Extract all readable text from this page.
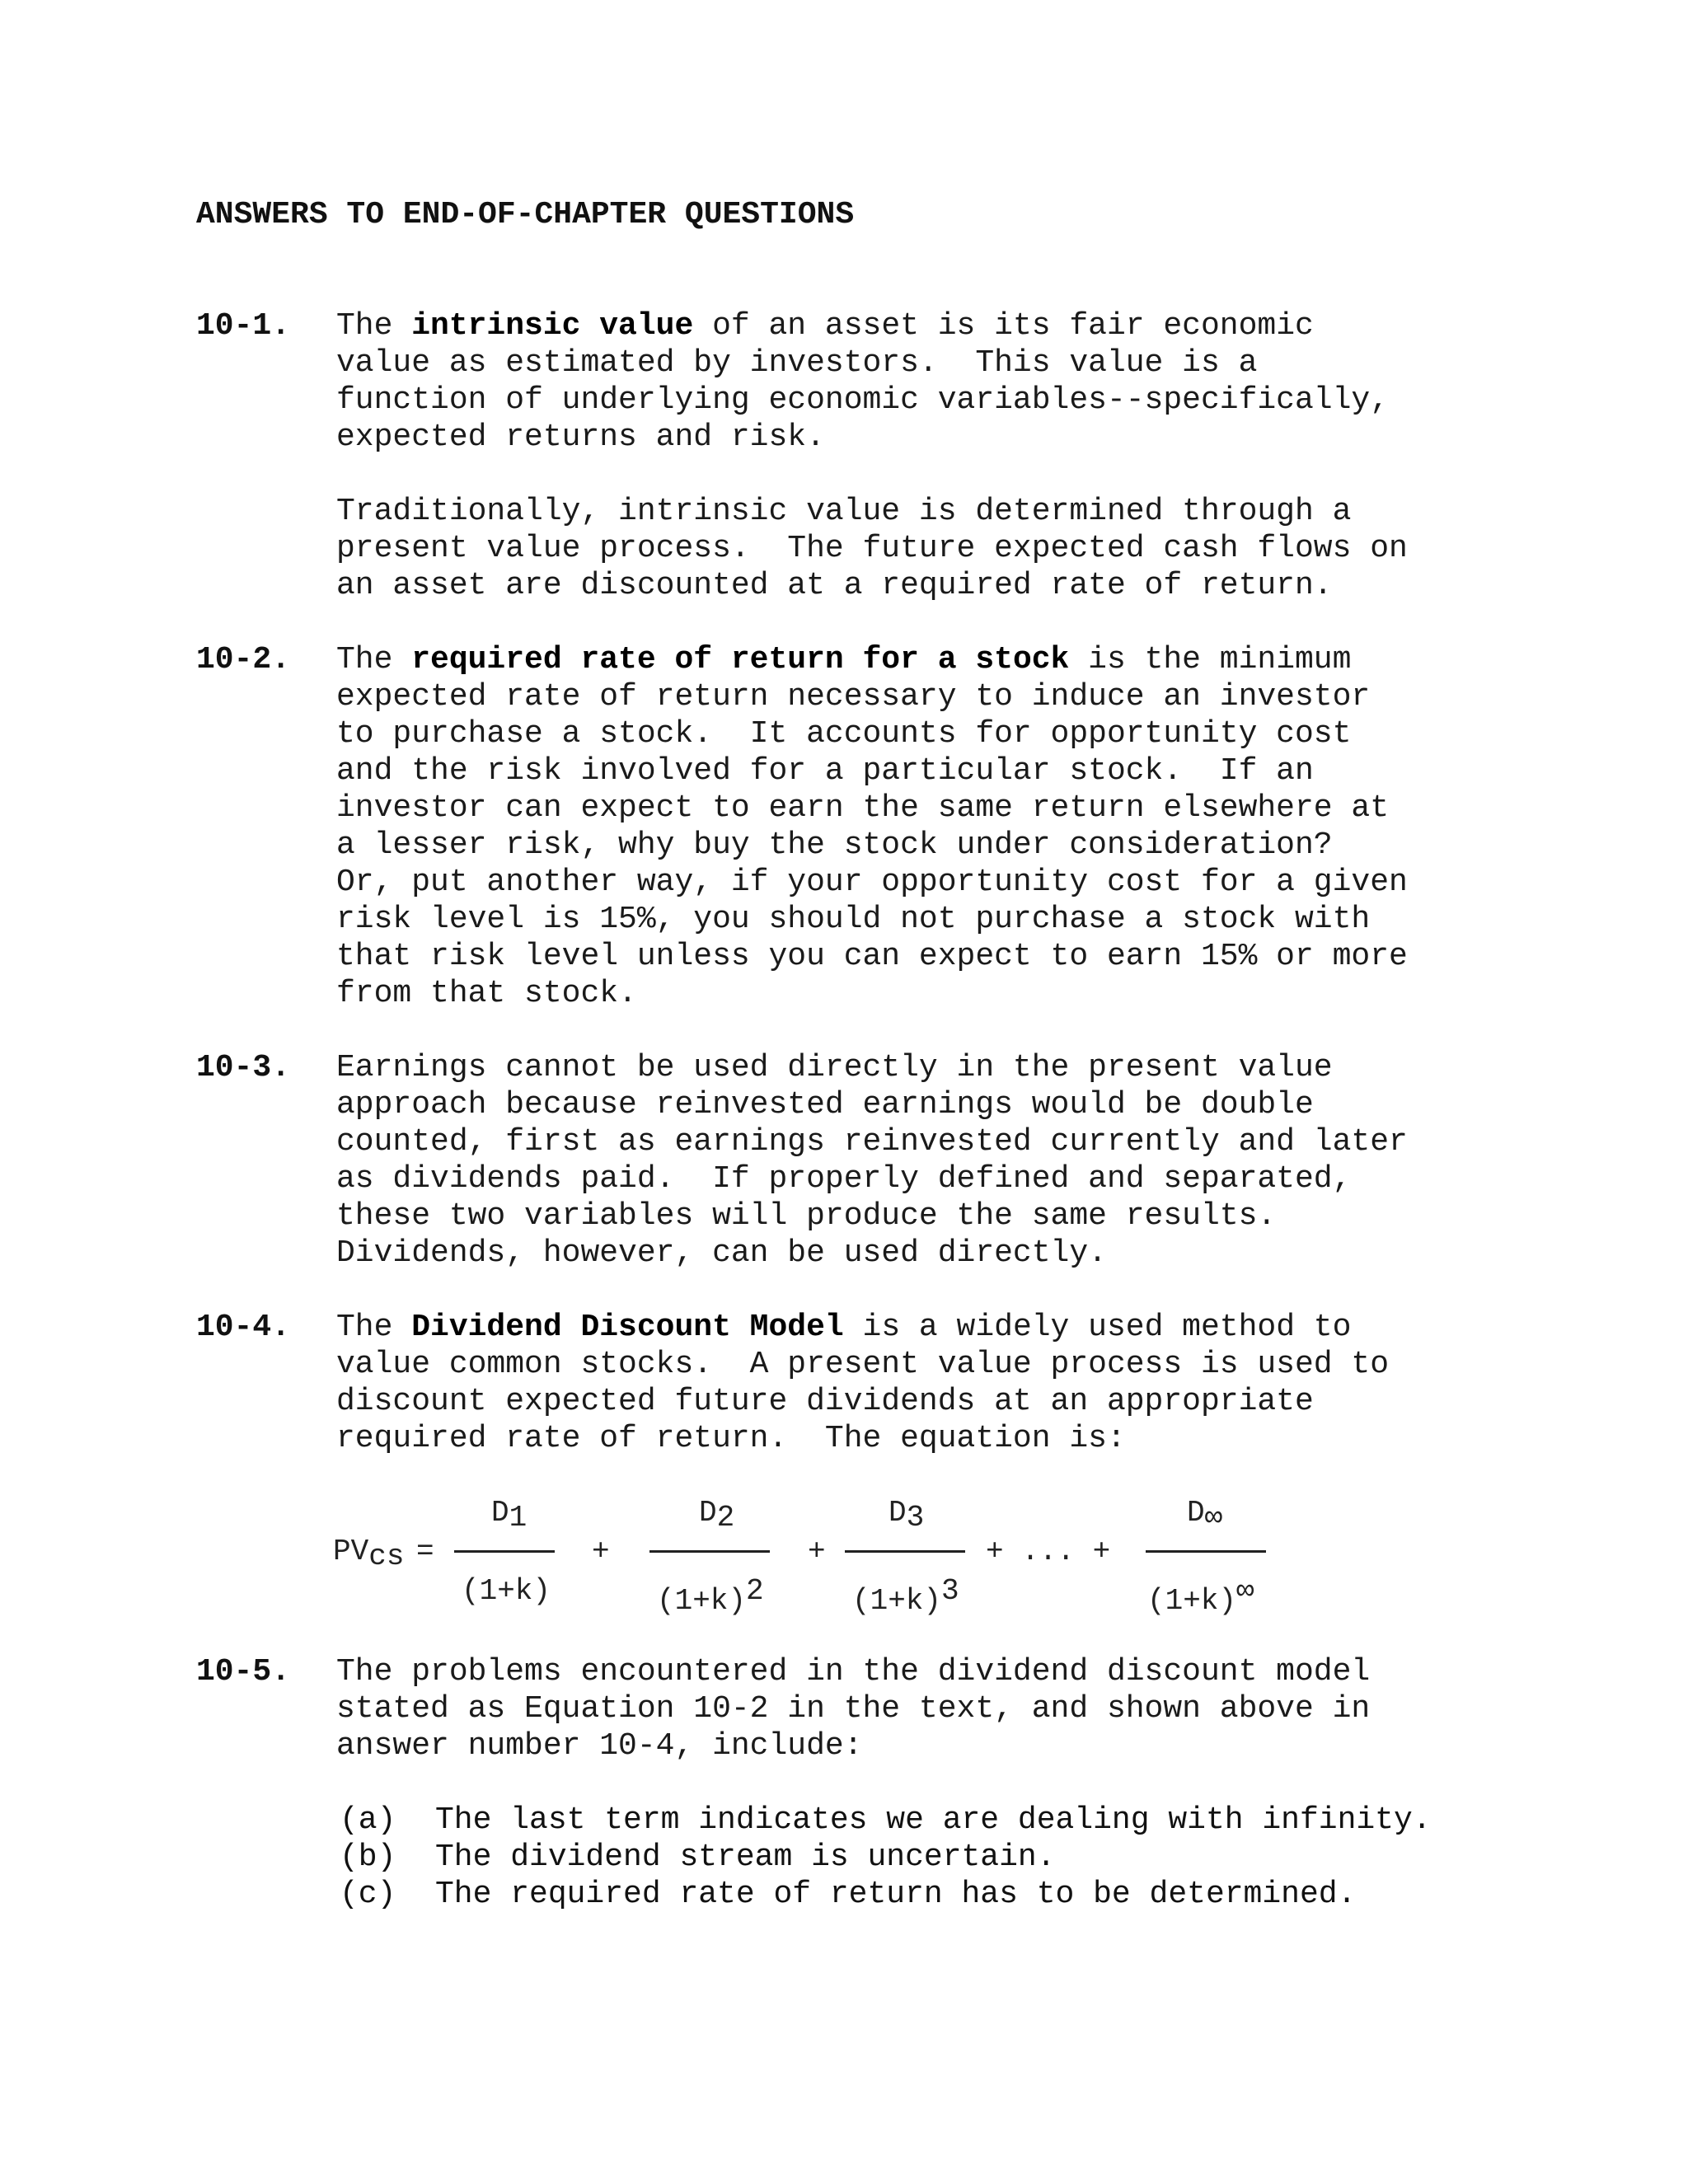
ANSWERS TO END-OF-CHAPTER QUESTIONS
10-1. The intrinsic value of an asset is its fair economic
value as estimated by investors.  This value is a
function of underlying economic variables--specifically,
expected returns and risk.
Traditionally, intrinsic value is determined through a
present value process.  The future expected cash flows on
an asset are discounted at a required rate of return.
10-2. The required rate of return for a stock is the minimum
expected rate of return necessary to induce an investor
to purchase a stock.  It accounts for opportunity cost
and the risk involved for a particular stock.  If an
investor can expect to earn the same return elsewhere at
a lesser risk, why buy the stock under consideration?
Or, put another way, if your opportunity cost for a given
risk level is 15%, you should not purchase a stock with
that risk level unless you can expect to earn 15% or more
from that stock.
10-3. Earnings cannot be used directly in the present value
approach because reinvested earnings would be double
counted, first as earnings reinvested currently and later
as dividends paid.  If properly defined and separated,
these two variables will produce the same results.
Dividends, however, can be used directly.
10-4. The Dividend Discount Model is a widely used method to
value common stocks.  A present value process is used to
discount expected future dividends at an appropriate
required rate of return.  The equation is:
PVcs =
D1
(1+k)
+
D2
(1+k)2
+
D3
(1+k)3
+ ... +
D∞
(1+k)∞
10-5. The problems encountered in the dividend discount model
stated as Equation 10-2 in the text, and shown above in
answer number 10-4, include:
(a) The last term indicates we are dealing with infinity.
(b) The dividend stream is uncertain.
(c) The required rate of return has to be determined.
